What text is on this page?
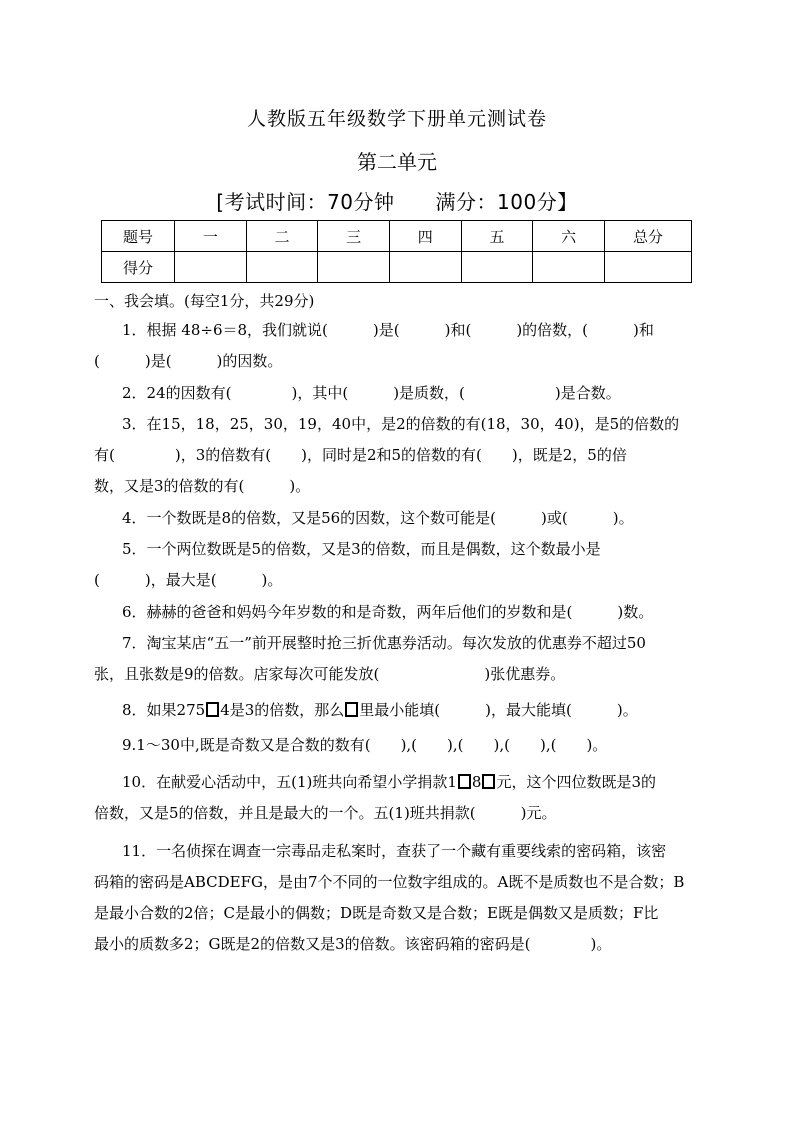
人教版五年级数学下册单元测试卷
第二单元
[考试时间：70分钟　　满分：100分】
题号	一	二	三	四	五	六	总分
得分							
一、我会填。(每空1分，共29分)
1．根据 48÷6＝8，我们就说(　　　)是(　　　)和(　　　)的倍数，(　　　)和
(　　　)是(　　　)的因数。
2．24的因数有(　　　　)，其中(　　　)是质数，(　　　　　　)是合数。
3．在15，18，25，30，19，40中，是2的倍数的有(18，30，40)，是5的倍数的
有(　　　　)，3的倍数有(　　)，同时是2和5的倍数的有(　　)，既是2，5的倍
数，又是3的倍数的有(　　　)。
4．一个数既是8的倍数，又是56的因数，这个数可能是(　　　)或(　　　)。
5．一个两位数既是5的倍数，又是3的倍数，而且是偶数，这个数最小是
(　　　)，最大是(　　　)。
6．赫赫的爸爸和妈妈今年岁数的和是奇数，两年后他们的岁数和是(　　　)数。
7．淘宝某店“五一”前开展整时抢三折优惠券活动。每次发放的优惠券不超过50
张，且张数是9的倍数。店家每次可能发放(　　　　　　　)张优惠券。
8．如果275 4是3的倍数，那么 里最小能填(　　　)，最大能填(　　　)。
9.1～30中,既是奇数又是合数的数有(　　),(　　),(　　),(　　),(　　)。
10．在献爱心活动中，五(1)班共向希望小学捐款1 8 元，这个四位数既是3的
倍数，又是5的倍数，并且是最大的一个。五(1)班共捐款(　　　)元。
11．一名侦探在调查一宗毒品走私案时，查获了一个藏有重要线索的密码箱，该密
码箱的密码是ABCDEFG，是由7个不同的一位数字组成的。A既不是质数也不是合数；B
是最小合数的2倍；C是最小的偶数；D既是奇数又是合数；E既是偶数又是质数；F比
最小的质数多2；G既是2的倍数又是3的倍数。该密码箱的密码是(　　　　)。
